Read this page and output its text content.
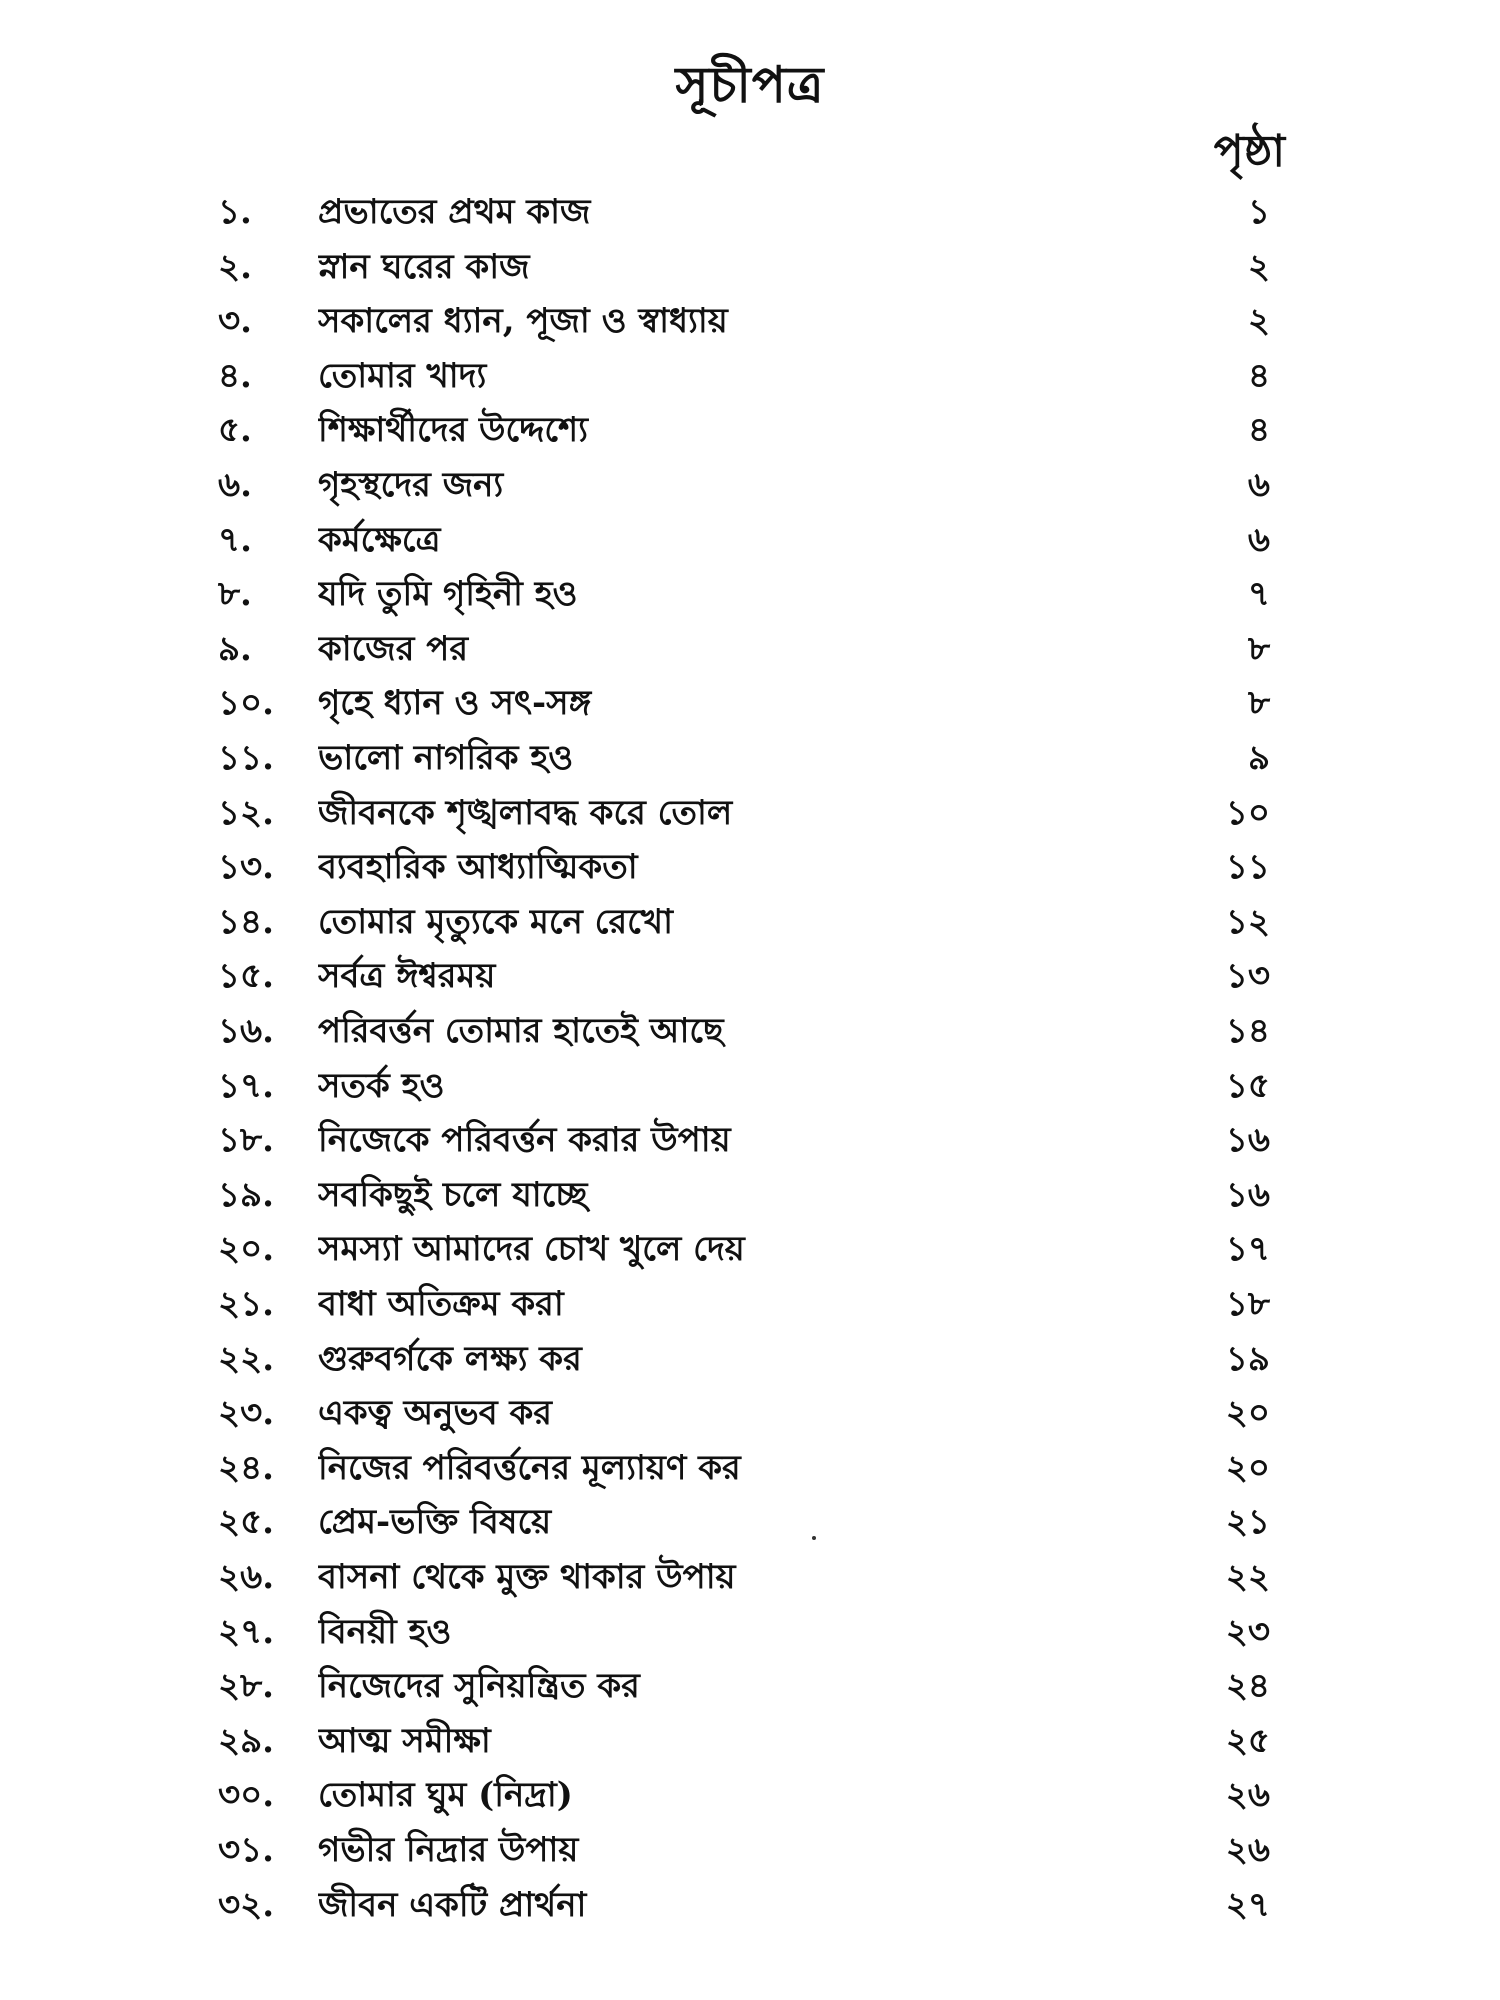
সূচীপত্র
পৃষ্ঠা
১.	প্রভাতের প্রথম কাজ	১
২.	স্নান ঘরের কাজ	২
৩.	সকালের ধ্যান, পূজা ও স্বাধ্যায়	২
৪.	তোমার খাদ্য	৪
৫.	শিক্ষার্থীদের উদ্দেশ্যে	৪
৬.	গৃহস্থদের জন্য	৬
৭.	কর্মক্ষেত্রে	৬
৮.	যদি তুমি গৃহিনী হও	৭
৯.	কাজের পর	৮
১০.	গৃহে ধ্যান ও সৎ-সঙ্গ	৮
১১.	ভালো নাগরিক হও	৯
১২.	জীবনকে শৃঙ্খলাবদ্ধ করে তোল	১০
১৩.	ব্যবহারিক আধ্যাত্মিকতা	১১
১৪.	তোমার মৃত্যুকে মনে রেখো	১২
১৫.	সর্বত্র ঈশ্বরময়	১৩
১৬.	পরিবর্ত্তন তোমার হাতেই আছে	১৪
১৭.	সতর্ক হও	১৫
১৮.	নিজেকে পরিবর্ত্তন করার উপায়	১৬
১৯.	সবকিছুই চলে যাচ্ছে	১৬
২০.	সমস্যা আমাদের চোখ খুলে দেয়	১৭
২১.	বাধা অতিক্রম করা	১৮
২২.	গুরুবর্গকে লক্ষ্য কর	১৯
২৩.	একত্ব অনুভব কর	২০
২৪.	নিজের পরিবর্ত্তনের মূল্যায়ণ কর	২০
২৫.	প্রেম-ভক্তি বিষয়ে	২১
২৬.	বাসনা থেকে মুক্ত থাকার উপায়	২২
২৭.	বিনয়ী হও	২৩
২৮.	নিজেদের সুনিয়ন্ত্রিত কর	২৪
২৯.	আত্ম সমীক্ষা	২৫
৩০.	তোমার ঘুম (নিদ্রা)	২৬
৩১.	গভীর নিদ্রার উপায়	২৬
৩২.	জীবন একটি প্রার্থনা	২৭
